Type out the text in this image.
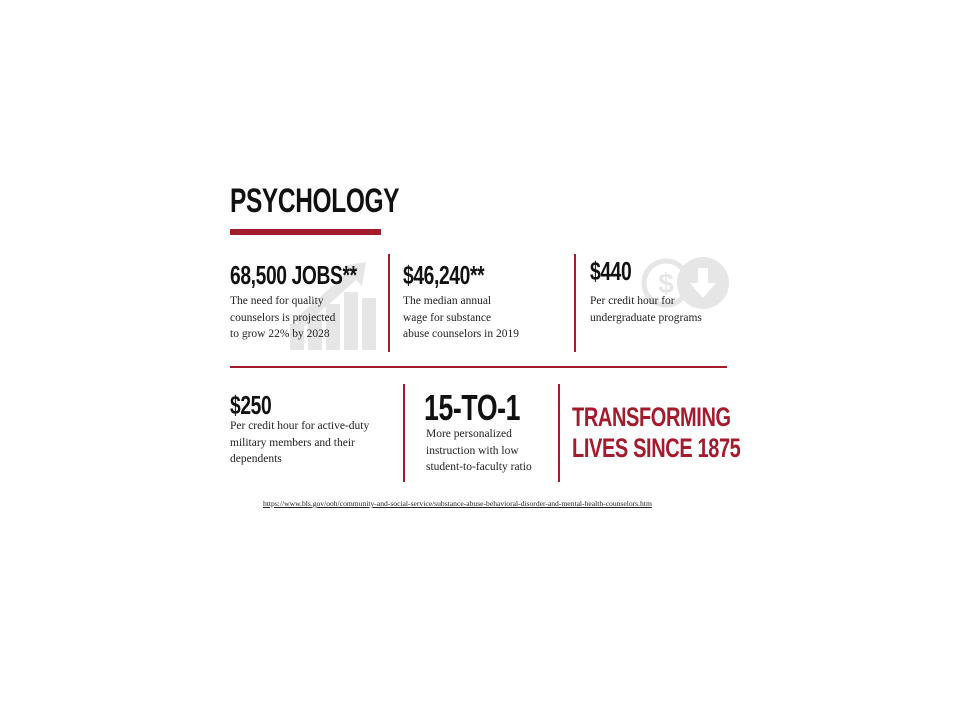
PSYCHOLOGY
$
68,500 JOBS**
The need for quality
counselors is projected
to grow 22% by 2028
$46,240**
The median annual
wage for substance
abuse counselors in 2019
$440
Per credit hour for
undergraduate programs
$250
Per credit hour for active-duty
military members and their
dependents
15-TO-1
More personalized
instruction with low
student-to-faculty ratio
TRANSFORMING
LIVES SINCE 1875
https://www.bls.gov/ooh/community-and-social-service/substance-abuse-behavioral-disorder-and-mental-health-counselors.htm
